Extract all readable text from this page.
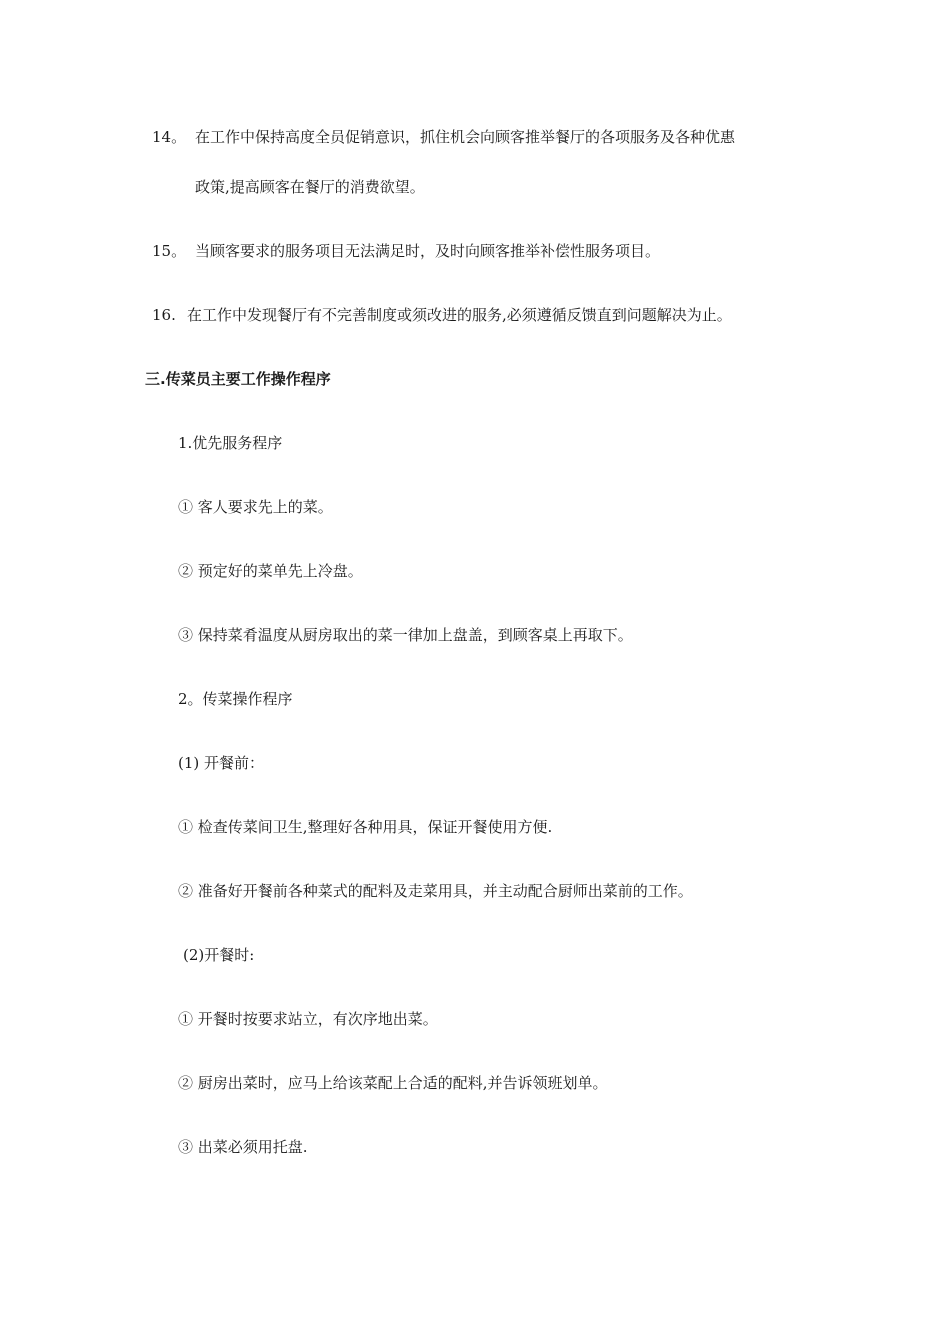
14。 在工作中保持高度全员促销意识，抓住机会向顾客推举餐厅的各项服务及各种优惠
政策,提高顾客在餐厅的消费欲望。
15。 当顾客要求的服务项目无法满足时，及时向顾客推举补偿性服务项目。
16. 在工作中发现餐厅有不完善制度或须改进的服务,必须遵循反馈直到问题解决为止。
三.传菜员主要工作操作程序
1.优先服务程序
① 客人要求先上的菜。
② 预定好的菜单先上冷盘。
③ 保持菜肴温度从厨房取出的菜一律加上盘盖，到顾客桌上再取下。
2。传菜操作程序
(1) 开餐前：
① 检查传菜间卫生,整理好各种用具，保证开餐使用方便.
② 准备好开餐前各种菜式的配料及走菜用具，并主动配合厨师出菜前的工作。
(2)开餐时:
① 开餐时按要求站立，有次序地出菜。
② 厨房出菜时，应马上给该菜配上合适的配料,并告诉领班划单。
③ 出菜必须用托盘.
